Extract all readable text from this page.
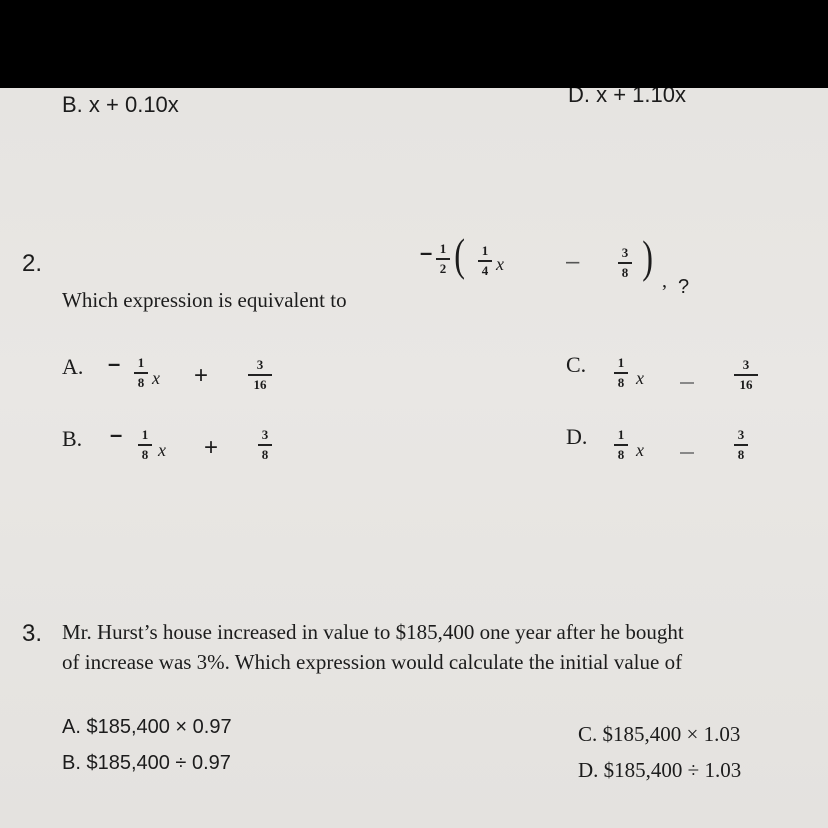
B. x + 0.10x	D. x + 1.10x
2.
Which expression is equivalent to
– 1
2 ( 1
4 x	–	3
8 ) , ?
A. – 1
8 x +	3
16
B. – 1
8 x +	3
8
C. 1
8 x
3
16
D. 1
8 x
3
8
3. Mr. Hurst’s house increased in value to $185,400 one year after he bought
of increase was 3%. Which expression would calculate the initial value of
A. $185,400 × 0.97
B. $185,400 ÷ 0.97
C. $185,400 × 1.03
D. $185,400 ÷ 1.03
